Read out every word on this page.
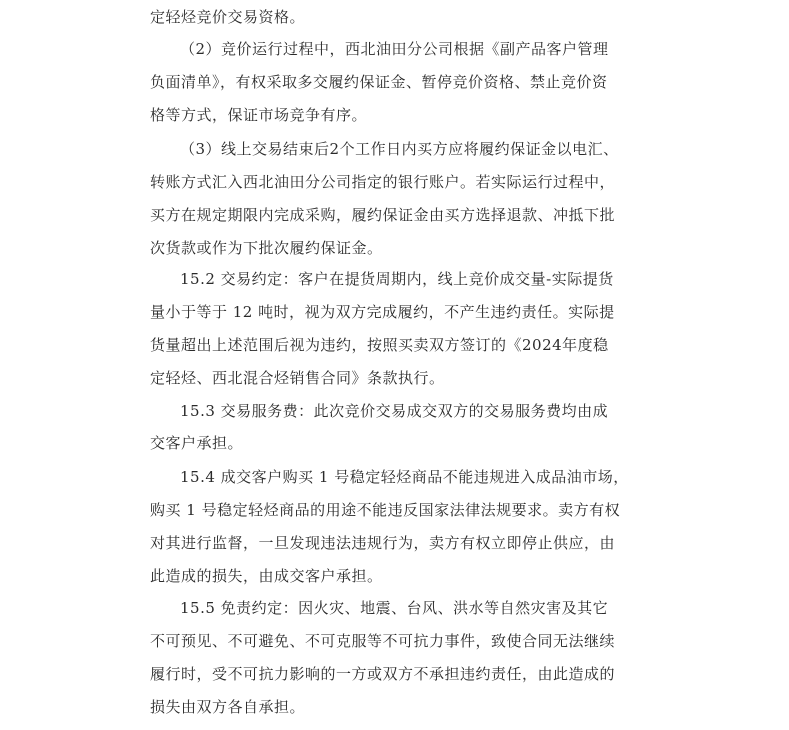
定轻烃竞价交易资格。
（2）竞价运行过程中，西北油田分公司根据《副产品客户管理
负面清单》，有权采取多交履约保证金、暂停竞价资格、禁止竞价资
格等方式，保证市场竞争有序。
（3）线上交易结束后2个工作日内买方应将履约保证金以电汇、
转账方式汇入西北油田分公司指定的银行账户。若实际运行过程中，
买方在规定期限内完成采购，履约保证金由买方选择退款、冲抵下批
次货款或作为下批次履约保证金。
15.2 交易约定：客户在提货周期内，线上竞价成交量-实际提货
量小于等于 12 吨时，视为双方完成履约，不产生违约责任。实际提
货量超出上述范围后视为违约，按照买卖双方签订的《2024年度稳
定轻烃、西北混合烃销售合同》条款执行。
15.3 交易服务费：此次竞价交易成交双方的交易服务费均由成
交客户承担。
15.4 成交客户购买 1 号稳定轻烃商品不能违规进入成品油市场，
购买 1 号稳定轻烃商品的用途不能违反国家法律法规要求。卖方有权
对其进行监督，一旦发现违法违规行为，卖方有权立即停止供应，由
此造成的损失，由成交客户承担。
15.5 免责约定：因火灾、地震、台风、洪水等自然灾害及其它
不可预见、不可避免、不可克服等不可抗力事件，致使合同无法继续
履行时，受不可抗力影响的一方或双方不承担违约责任，由此造成的
损失由双方各自承担。
